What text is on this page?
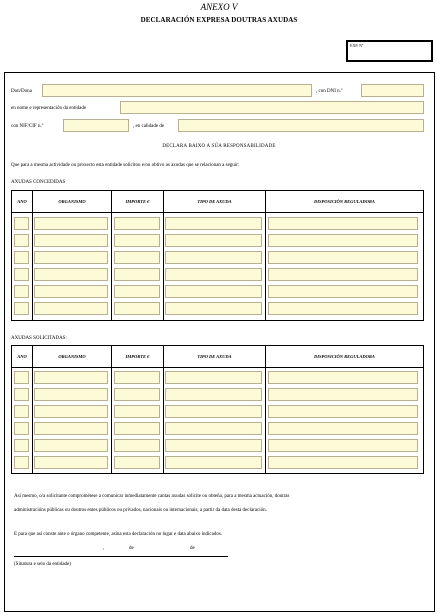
ANEXO V
DECLARACIÓN EXPRESA DOUTRAS AXUDAS
EXP. Nº
Don/Dona	, con DNI n.º
en nome e representación da entidade
con NIF/CIF n.º	, en calidade de
DECLARA BAIXO A SÚA RESPONSABILIDADE
Que para a mesma actividade ou proxecto esta entidade solicitou e/ou obtivo as axudas que se relacionan a seguir:
AXUDAS CONCEDIDAS
ANO	ORGANISMO	IMPORTE €	TIPO DE AXUDA	DISPOSICIÓN REGULADORA
AXUDAS SOLICITADAS:
ANO	ORGANISMO	IMPORTE €	TIPO DE AXUDA	DISPOSICIÓN REGULADORA
Así mesmo, o/a solicitante comprométese a comunicar inmediatamente cantas axudas solicite ou obteña, para a mesma actuación, doutras
administracións públicas ou doutros entes públicos ou privados, nacionais ou internacionais, a partir da data desta declaración.
E para que así conste ante o órgano competente, asina esta declaración no lugar e data abaixo indicados.
,	de	de
(Sinatura e selo da entidade)
